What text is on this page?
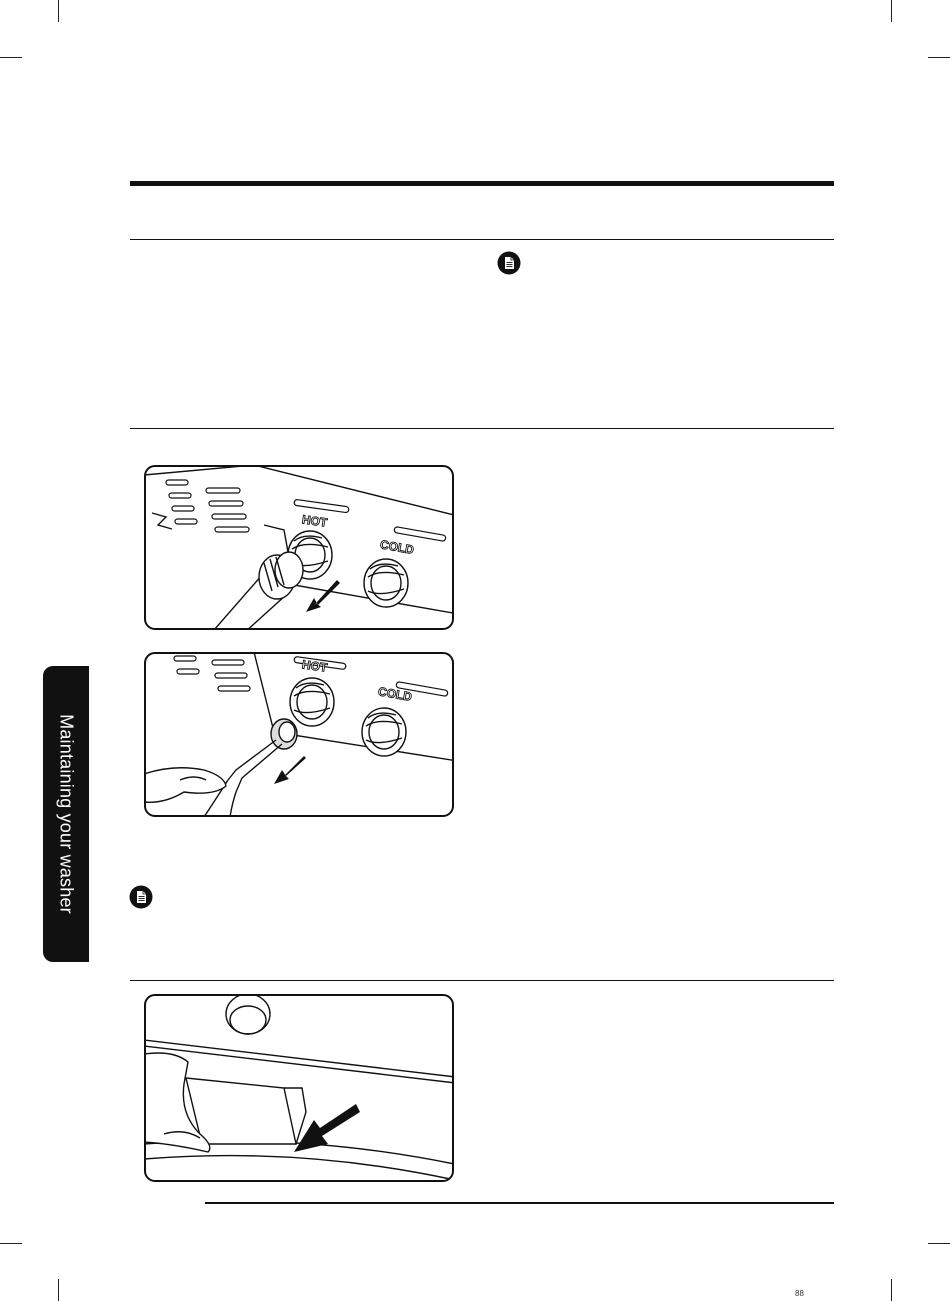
Maintaining your washer
HOT
COLD
HOT
COLD
88
